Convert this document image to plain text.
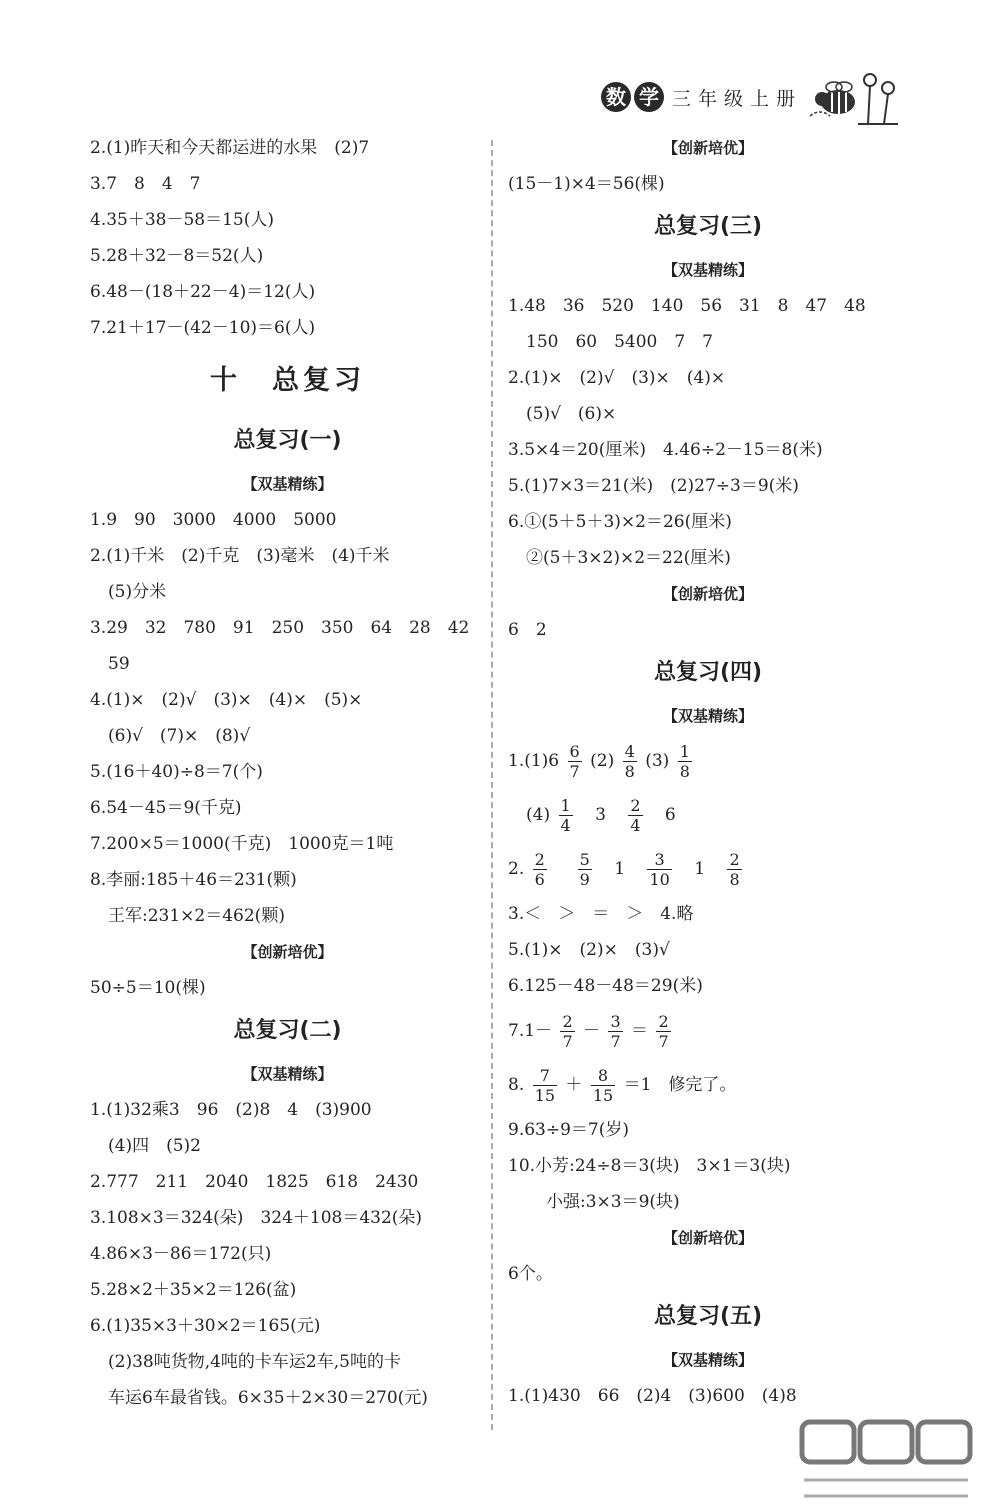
数 学 三年级上册
2.(1)昨天和今天都运进的水果　(2)7
3.7　8　4　7
4.35＋38－58＝15(人)
5.28＋32－8＝52(人)
6.48－(18＋22－4)＝12(人)
7.21＋17－(42－10)＝6(人)
十　总复习
总复习(一)
【双基精练】
1.9　90　3000　4000　5000
2.(1)千米　(2)千克　(3)毫米　(4)千米
(5)分米
3.29　32　780　91　250　350　64　28　42
59
4.(1)×　(2)√　(3)×　(4)×　(5)×
(6)√　(7)×　(8)√
5.(16＋40)÷8＝7(个)
6.54－45＝9(千克)
7.200×5＝1000(千克)　1000克＝1吨
8.李丽:185＋46＝231(颗)
王军:231×2＝462(颗)
【创新培优】
50÷5＝10(棵)
总复习(二)
【双基精练】
1.(1)32乘3　96　(2)8　4　(3)900
(4)四　(5)2
2.777　211　2040　1825　618　2430
3.108×3＝324(朵)　324＋108＝432(朵)
4.86×3－86＝172(只)
5.28×2＋35×2＝126(盆)
6.(1)35×3＋30×2＝165(元)
(2)38吨货物,4吨的卡车运2车,5吨的卡
车运6车最省钱。6×35＋2×30＝270(元)
【创新培优】
(15－1)×4＝56(棵)
总复习(三)
【双基精练】
1.48　36　520　140　56　31　8　47　48
150　60　5400　7　7
2.(1)×　(2)√　(3)×　(4)×
(5)√　(6)×
3.5×4＝20(厘米)　4.46÷2－15＝8(米)
5.(1)7×3＝21(米)　(2)27÷3＝9(米)
6.①(5＋5＋3)×2＝26(厘米)
②(5＋3×2)×2＝22(厘米)
【创新培优】
6　2
总复习(四)
【双基精练】
$1.(1)6 \frac{6}{7} (2) \frac{4}{8} (3) \frac{1}{8}$
$(4) \frac{1}{4} 3 \frac{2}{4} 6$
2. $\frac{2}{6}$
$\frac{5}{9} 1 \frac{3}{10} 1 \frac{2}{8}$
3.＜　＞　＝　＞　4.略
5.(1)×　(2)×　(3)√
6.125－48－48＝29(米)
$7.1- \frac{2}{7} - \frac{3}{7} = \frac{2}{7}$
8. $\frac{7}{15} + \frac{8}{15} =1$　修完了。
9.63÷9＝7(岁)
10.小芳:24÷8＝3(块)　3×1＝3(块)
小强:3×3＝9(块)
【创新培优】
6个。
总复习(五)
【双基精练】
1.(1)430　66　(2)4　(3)600　(4)8
